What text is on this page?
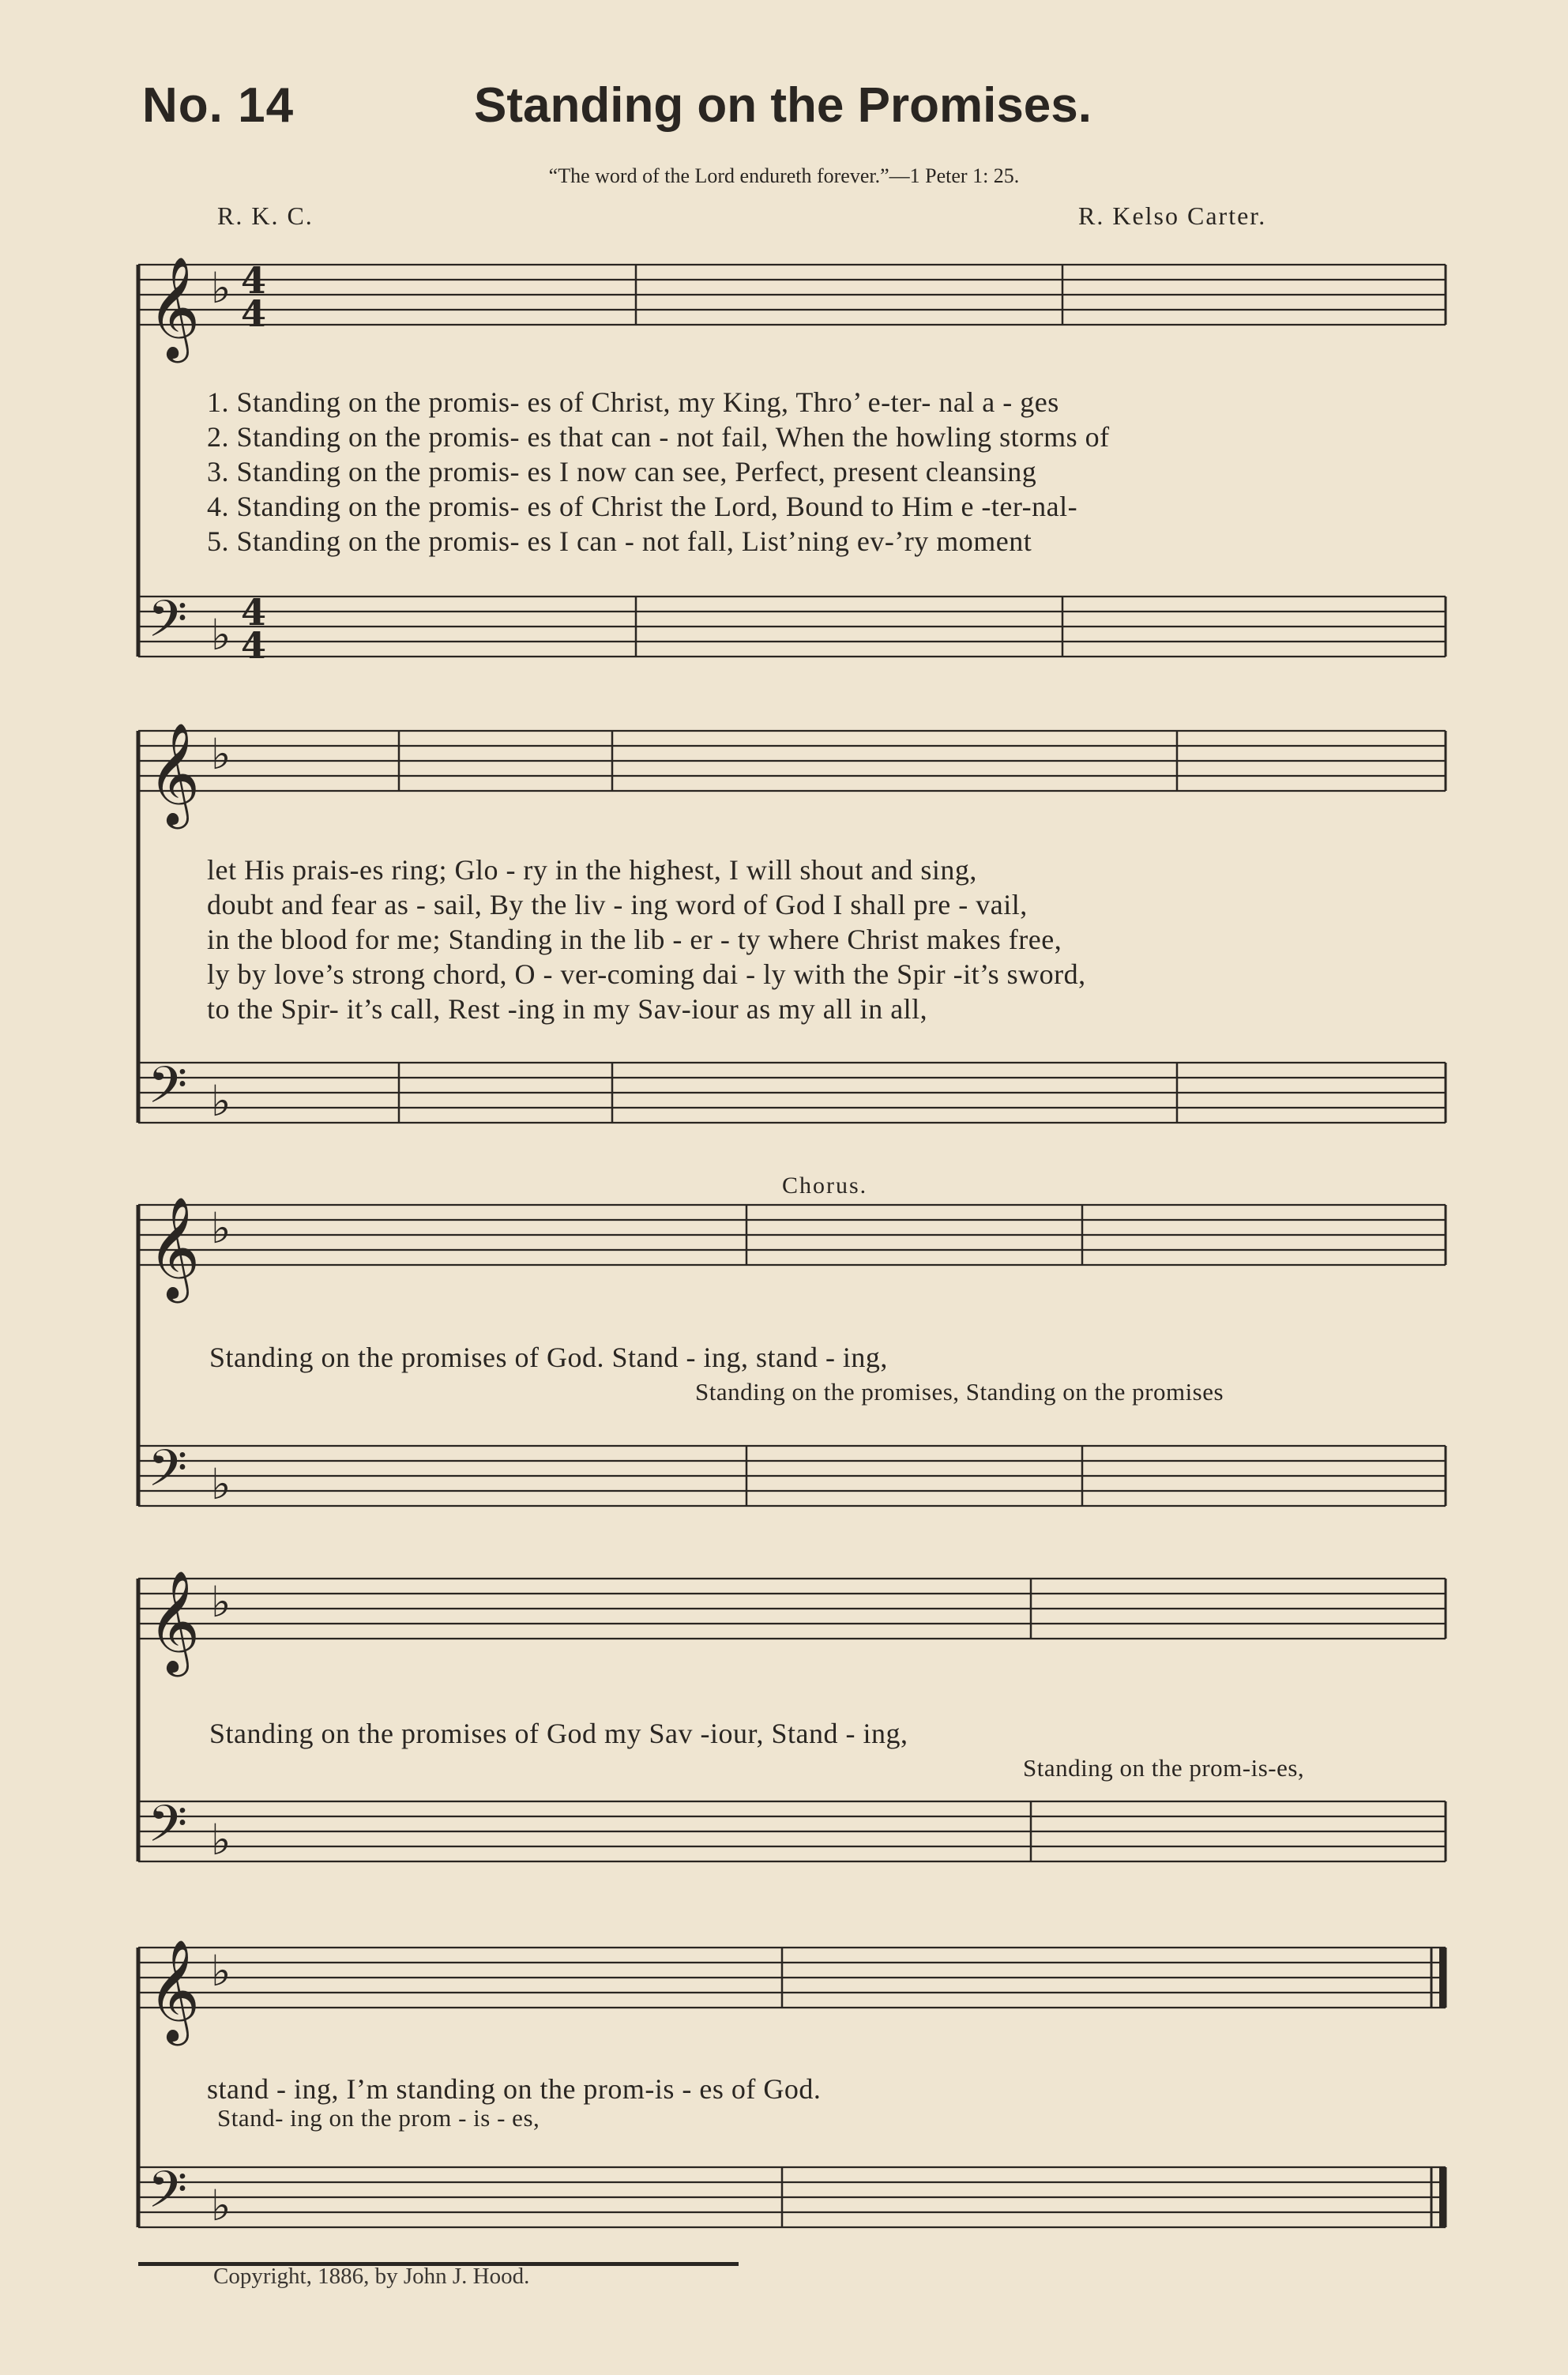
No. 14	Standing on the Promises.
“The word of the Lord endureth forever.”—1 Peter 1: 25.
R. K. C.	R. Kelso Carter.
𝄞 ♭ 4
4
𝄢 ♭ 4
4
𝄞 ♭
𝄢 ♭
𝄞 ♭
𝄢 ♭
𝄞 ♭
𝄢 ♭
𝄞 ♭
𝄢 ♭
1. Standing on the promis- es of Christ, my King, Thro’ e-ter- nal a - ges
2. Standing on the promis- es that can - not fail, When the howling storms of
3. Standing on the promis- es I now can see, Perfect, present cleansing
4. Standing on the promis- es of Christ the Lord, Bound to Him e -ter-nal-
5. Standing on the promis- es I can - not fall, List’ning ev-’ry moment
let His prais-es ring; Glo - ry in the highest, I will shout and sing,
doubt and fear as - sail, By the liv - ing word of God I shall pre - vail,
in the blood for me; Standing in the lib - er - ty where Christ makes free,
ly by love’s strong chord, O - ver-coming dai - ly with the Spir -it’s sword,
to the Spir- it’s call, Rest -ing in my Sav-iour as my all in all,
Chorus.
Standing on the promises of God. Stand - ing, stand - ing,
Standing on the promises, Standing on the promises
Standing on the promises of God my Sav -iour, Stand - ing,
Standing on the prom-is-es,
stand - ing, I’m standing on the prom-is - es of God.
Stand- ing on the prom - is - es,
Copyright, 1886, by John J. Hood.
